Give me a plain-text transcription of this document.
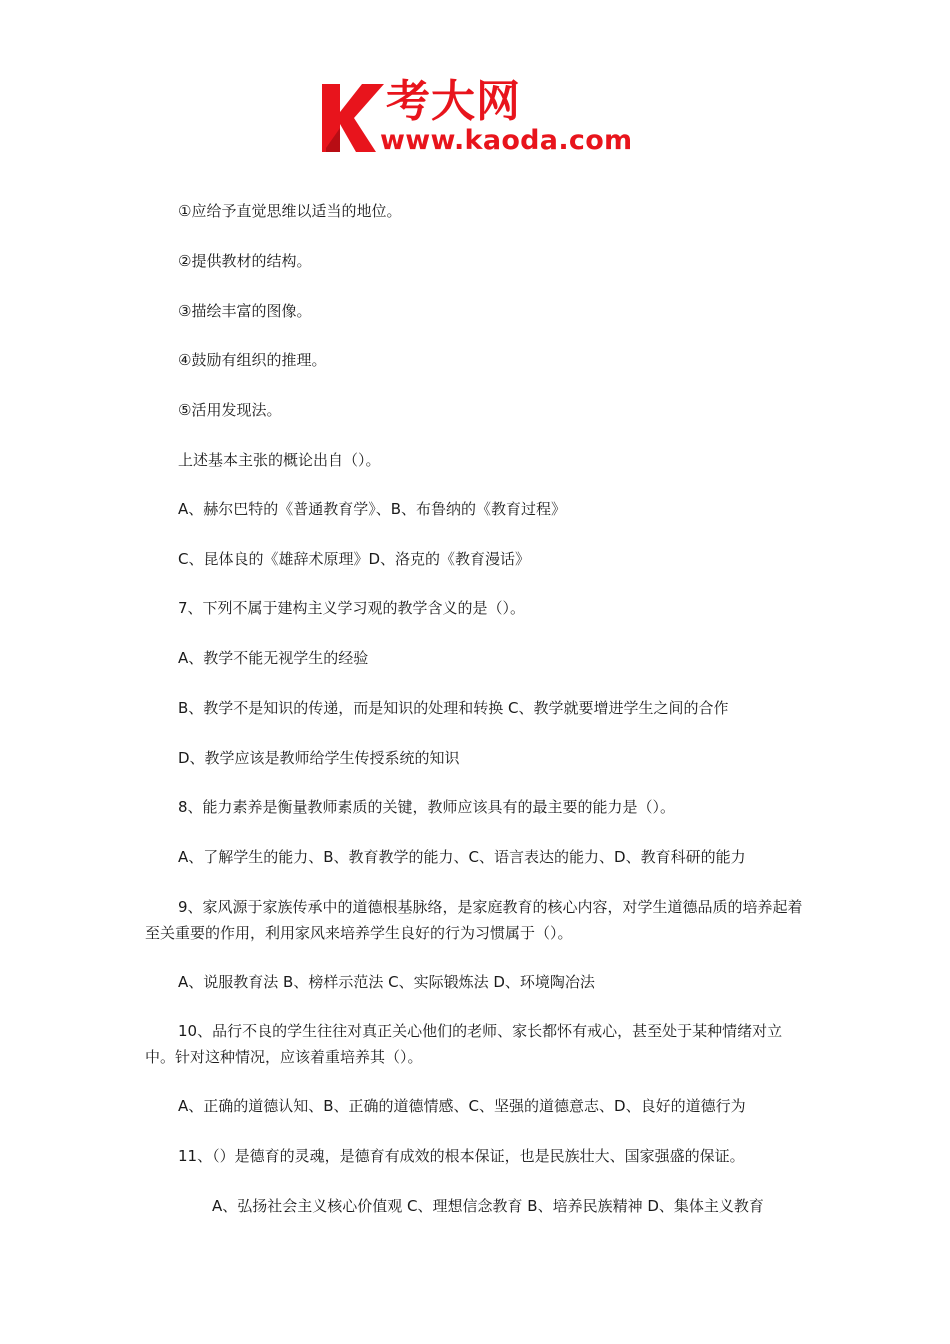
考大网
www.kaoda.com
①应给予直觉思维以适当的地位。
②提供教材的结构。
③描绘丰富的图像。
④鼓励有组织的推理。
⑤活用发现法。
上述基本主张的概论出自（）。
A、赫尔巴特的《普通教育学》、B、布鲁纳的《教育过程》
C、昆体良的《雄辞术原理》D、洛克的《教育漫话》
7、下列不属于建构主义学习观的教学含义的是（）。
A、教学不能无视学生的经验
B、教学不是知识的传递，而是知识的处理和转换 C、教学就要增进学生之间的合作
D、教学应该是教师给学生传授系统的知识
8、能力素养是衡量教师素质的关键，教师应该具有的最主要的能力是（）。
A、了解学生的能力、B、教育教学的能力、C、语言表达的能力、D、教育科研的能力
9、家风源于家族传承中的道德根基脉络，是家庭教育的核心内容，对学生道德品质的培养起着至关重要的作用，利用家风来培养学生良好的行为习惯属于（）。
A、说服教育法 B、榜样示范法 C、实际锻炼法 D、环境陶冶法
10、品行不良的学生往往对真正关心他们的老师、家长都怀有戒心，甚至处于某种情绪对立中。针对这种情况，应该着重培养其（）。
A、正确的道德认知、B、正确的道德情感、C、坚强的道德意志、D、良好的道德行为
11、（）是德育的灵魂，是德育有成效的根本保证，也是民族壮大、国家强盛的保证。
A、弘扬社会主义核心价值观 C、理想信念教育 B、培养民族精神 D、集体主义教育
